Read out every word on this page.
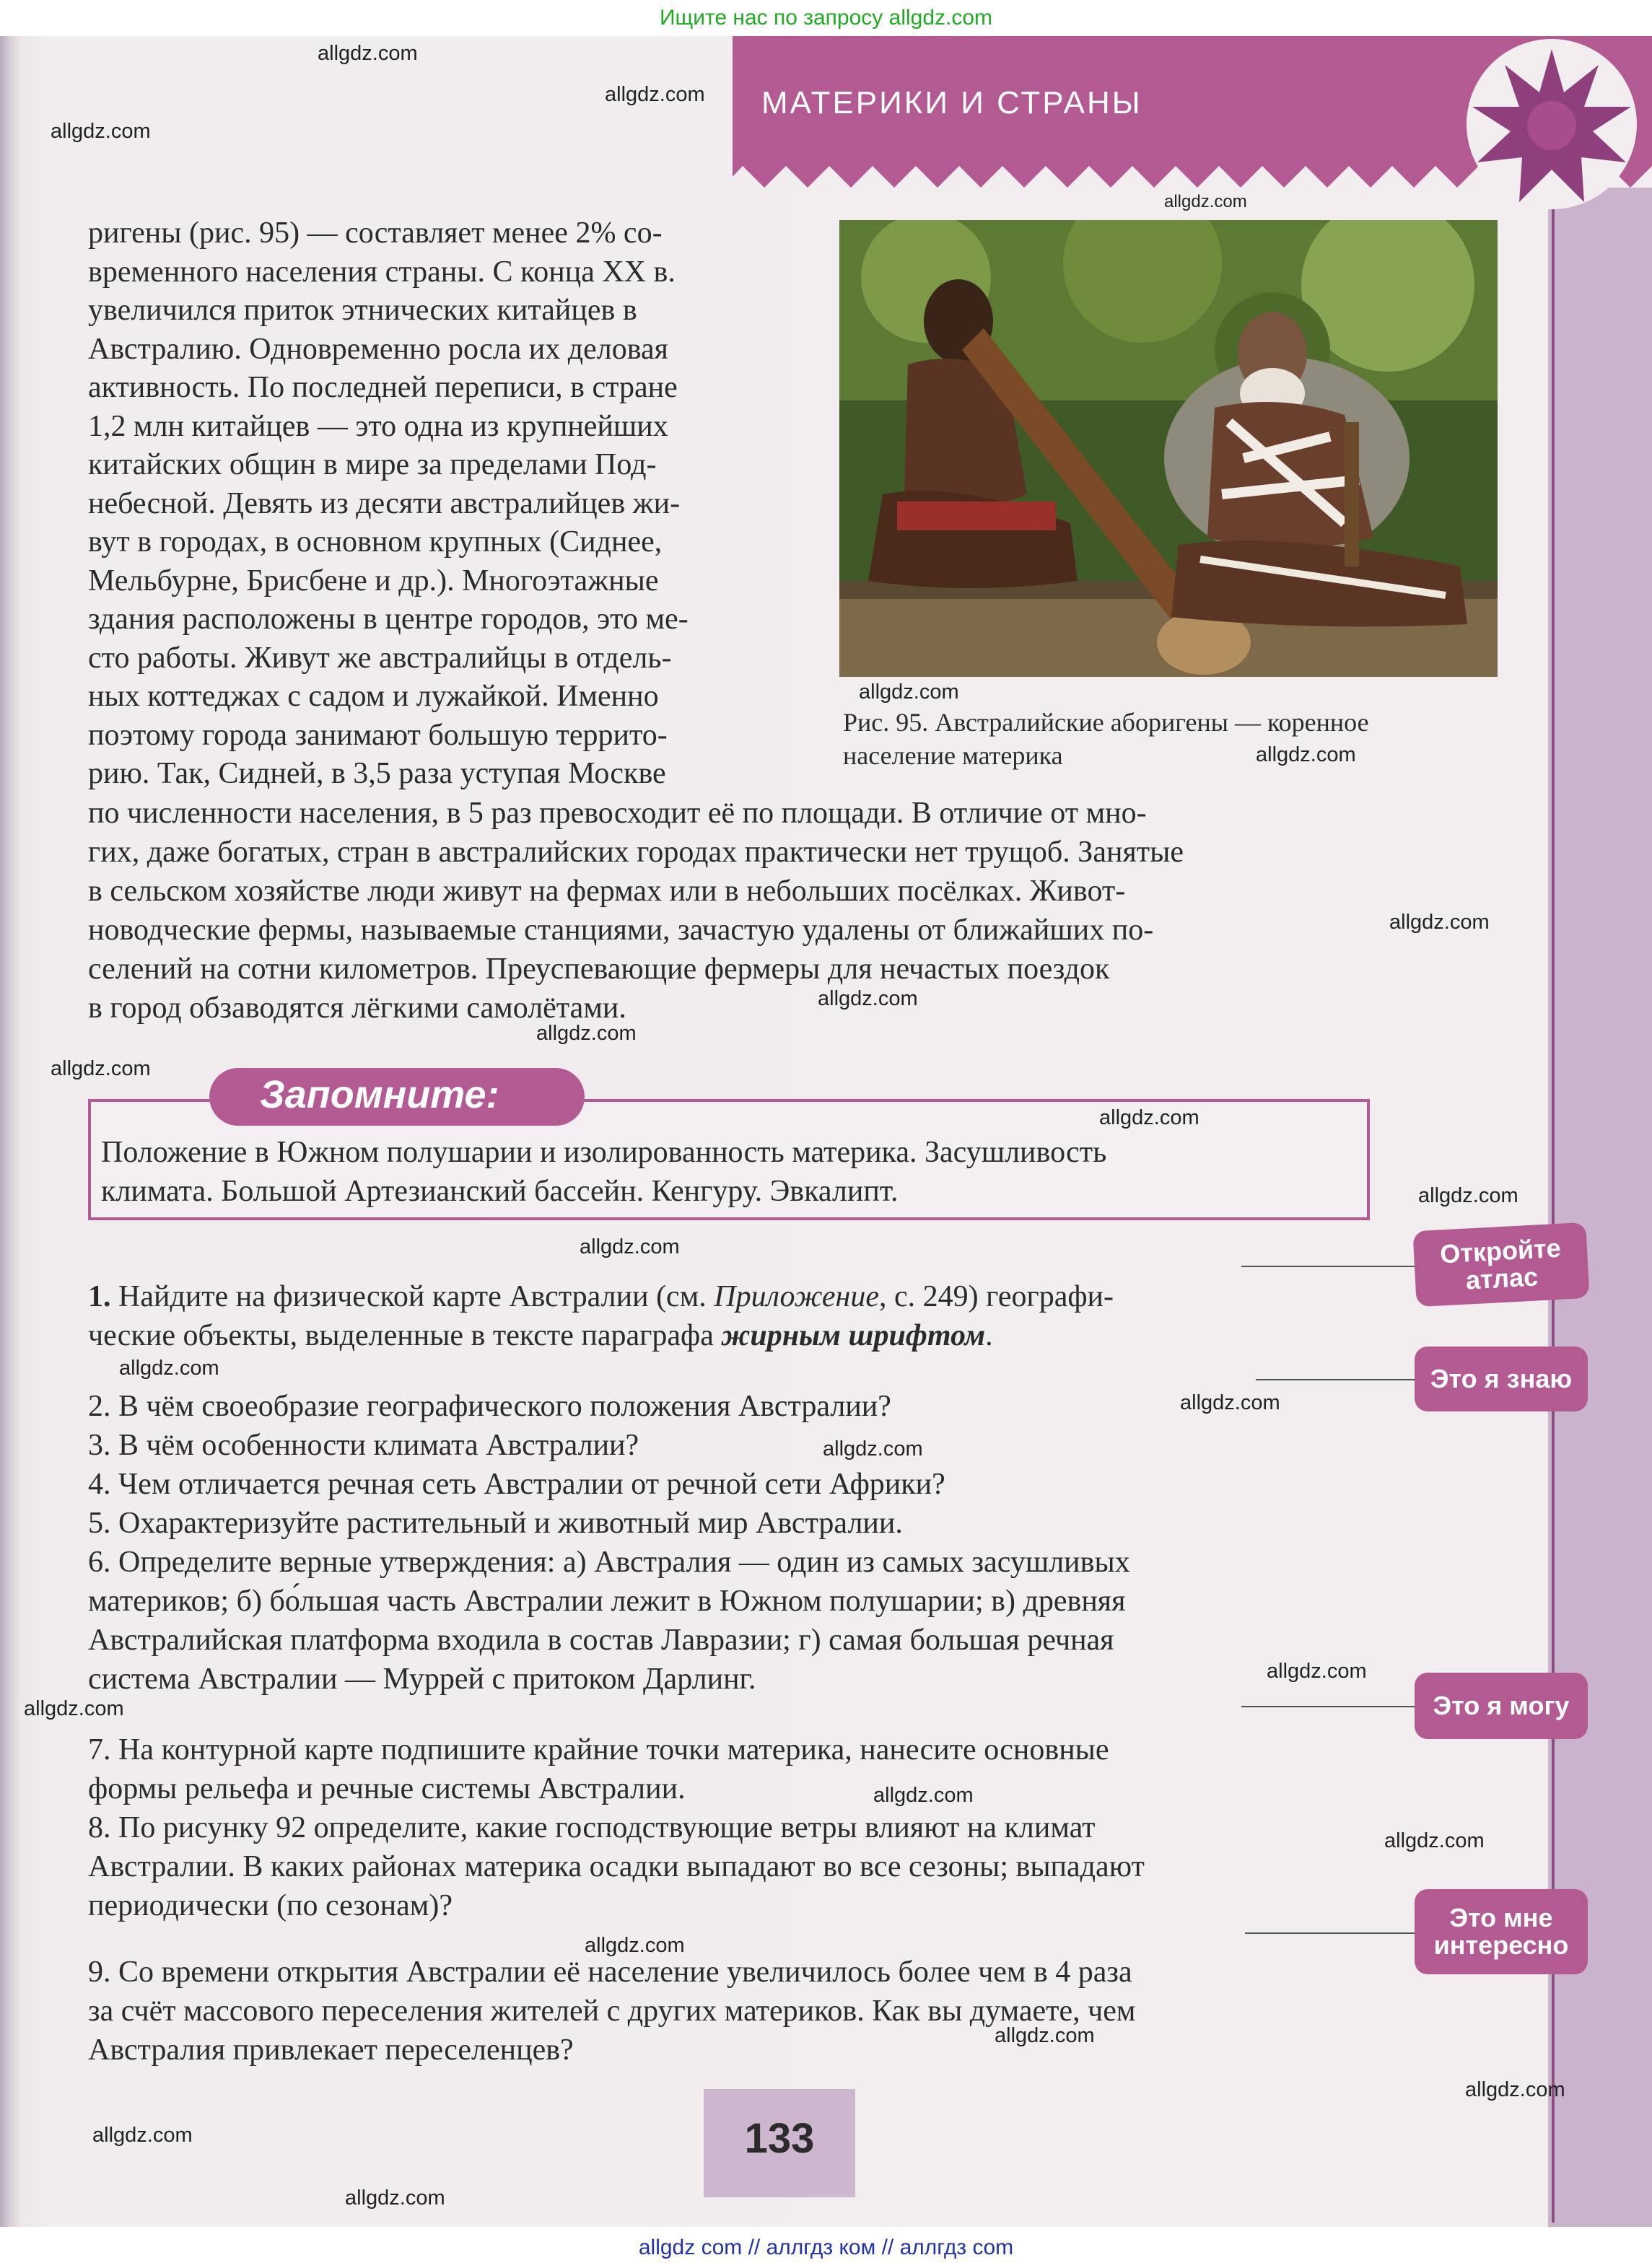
Ищите нас по запросу allgdz.com
МАТЕРИКИ И СТРАНЫ
ригены (рис. 95) — составляет менее 2% со-
временного населения страны. С конца XX в.
увеличился приток этнических китайцев в
Австралию. Одновременно росла их деловая
активность. По последней переписи, в стране
1,2 млн китайцев — это одна из крупнейших
китайских общин в мире за пределами Под-
небесной. Девять из десяти австралийцев жи-
вут в городах, в основном крупных (Сиднее,
Мельбурне, Брисбене и др.). Многоэтажные
здания расположены в центре городов, это ме-
сто работы. Живут же австралийцы в отдель-
ных коттеджах с садом и лужайкой. Именно
поэтому города занимают большую террито-
рию. Так, Сидней, в 3,5 раза уступая Москве
Рис. 95. Австралийские аборигены — коренное
население материка
по численности населения, в 5 раз превосходит её по площади. В отличие от мно-
гих, даже богатых, стран в австралийских городах практически нет трущоб. Занятые
в сельском хозяйстве люди живут на фермах или в небольших посёлках. Живот-
новодческие фермы, называемые станциями, зачастую удалены от ближайших по-
селений на сотни километров. Преуспевающие фермеры для нечастых поездок
в город обзаводятся лёгкими самолётами.
Запомните:
Положение в Южном полушарии и изолированность материка. Засушливость
климата. Большой Артезианский бассейн. Кенгуру. Эвкалипт.
1. Найдите на физической карте Австралии (см. Приложение, с. 249) географи-
ческие объекты, выделенные в тексте параграфа жирным шрифтом.
2. В чём своеобразие географического положения Австралии?
3. В чём особенности климата Австралии?
4. Чем отличается речная сеть Австралии от речной сети Африки?
5. Охарактеризуйте растительный и животный мир Австралии.
6. Определите верные утверждения: а) Австралия — один из самых засушливых
материков; б) бо́льшая часть Австралии лежит в Южном полушарии; в) древняя
Австралийская платформа входила в состав Лавразии; г) самая большая речная
система Австралии — Муррей с притоком Дарлинг.
7. На контурной карте подпишите крайние точки материка, нанесите основные
формы рельефа и речные системы Австралии.
8. По рисунку 92 определите, какие господствующие ветры влияют на климат
Австралии. В каких районах материка осадки выпадают во все сезоны; выпадают
периодически (по сезонам)?
9. Со времени открытия Австралии её население увеличилось более чем в 4 раза
за счёт массового переселения жителей с других материков. Как вы думаете, чем
Австралия привлекает переселенцев?
Откройте
атлас
Это я знаю
Это я могу
Это мне
интересно
133
allgdz.com
allgdz.com
allgdz.com
allgdz.com
allgdz.com
allgdz.com
allgdz.com
allgdz.com
allgdz.com
allgdz.com
allgdz.com
allgdz.com
allgdz.com
allgdz.com
allgdz.com
allgdz.com
allgdz.com
allgdz.com
allgdz.com
allgdz.com
allgdz.com
allgdz.com
allgdz.com
allgdz.com
allgdz.com
allgdz com // аллгдз ком // аллгдз com
